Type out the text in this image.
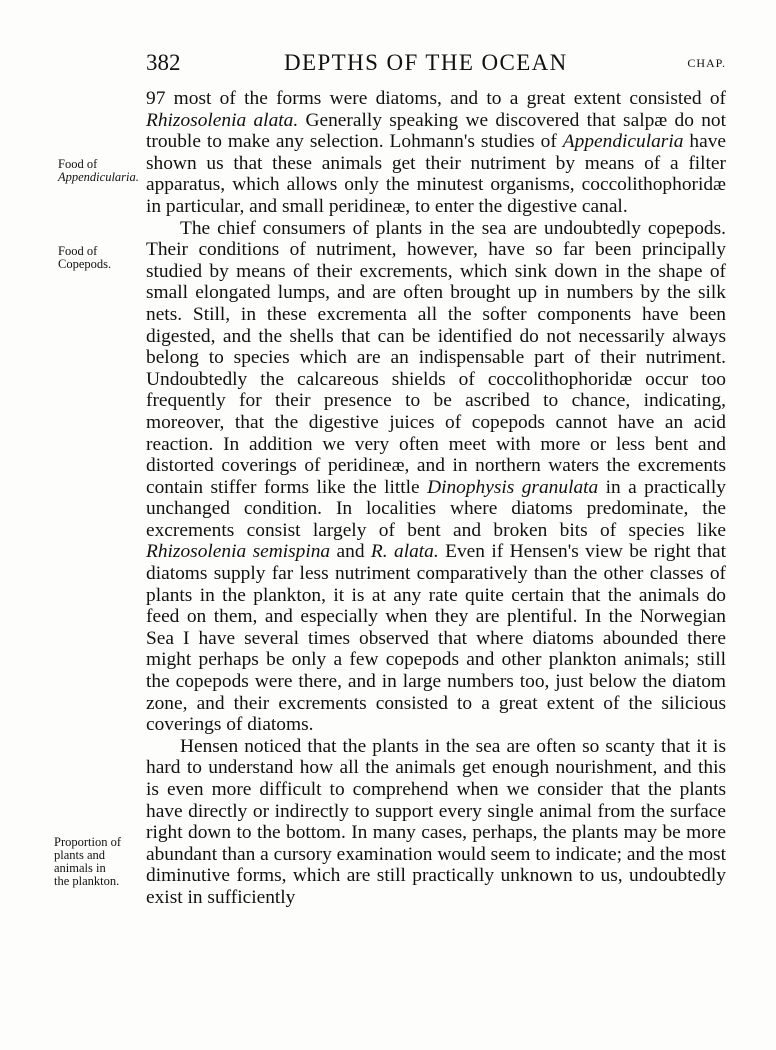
382	DEPTHS OF THE OCEAN	CHAP.
Food of
Appendicularia.
Food of
Copepods.
Proportion of
plants and
animals in
the plankton.

97 most of the forms were diatoms, and to a great extent consisted of Rhizosolenia alata. Generally speaking we discovered that salpæ do not trouble to make any selection. Lohmann's studies of Appendicularia have shown us that these animals get their nutriment by means of a filter apparatus, which allows only the minutest organisms, coccolithophoridæ in particular, and small peridineæ, to enter the digestive canal.

The chief consumers of plants in the sea are undoubtedly copepods. Their conditions of nutriment, however, have so far been principally studied by means of their excrements, which sink down in the shape of small elongated lumps, and are often brought up in numbers by the silk nets. Still, in these excrementa all the softer components have been digested, and the shells that can be identified do not necessarily always belong to species which are an indispensable part of their nutriment. Undoubtedly the calcareous shields of coccolithophoridæ occur too frequently for their presence to be ascribed to chance, indicating, moreover, that the digestive juices of copepods cannot have an acid reaction. In addition we very often meet with more or less bent and distorted coverings of peridineæ, and in northern waters the excrements contain stiffer forms like the little Dinophysis granulata in a practically unchanged condition. In localities where diatoms predominate, the excrements consist largely of bent and broken bits of species like Rhizosolenia semispina and R. alata. Even if Hensen's view be right that diatoms supply far less nutriment comparatively than the other classes of plants in the plankton, it is at any rate quite certain that the animals do feed on them, and especially when they are plentiful. In the Norwegian Sea I have several times observed that where diatoms abounded there might perhaps be only a few copepods and other plankton animals; still the copepods were there, and in large numbers too, just below the diatom zone, and their excrements consisted to a great extent of the silicious coverings of diatoms.

Hensen noticed that the plants in the sea are often so scanty that it is hard to understand how all the animals get enough nourishment, and this is even more difficult to comprehend when we consider that the plants have directly or indirectly to support every single animal from the surface right down to the bottom. In many cases, perhaps, the plants may be more abundant than a cursory examination would seem to indicate; and the most diminutive forms, which are still practically unknown to us, undoubtedly exist in sufficiently
